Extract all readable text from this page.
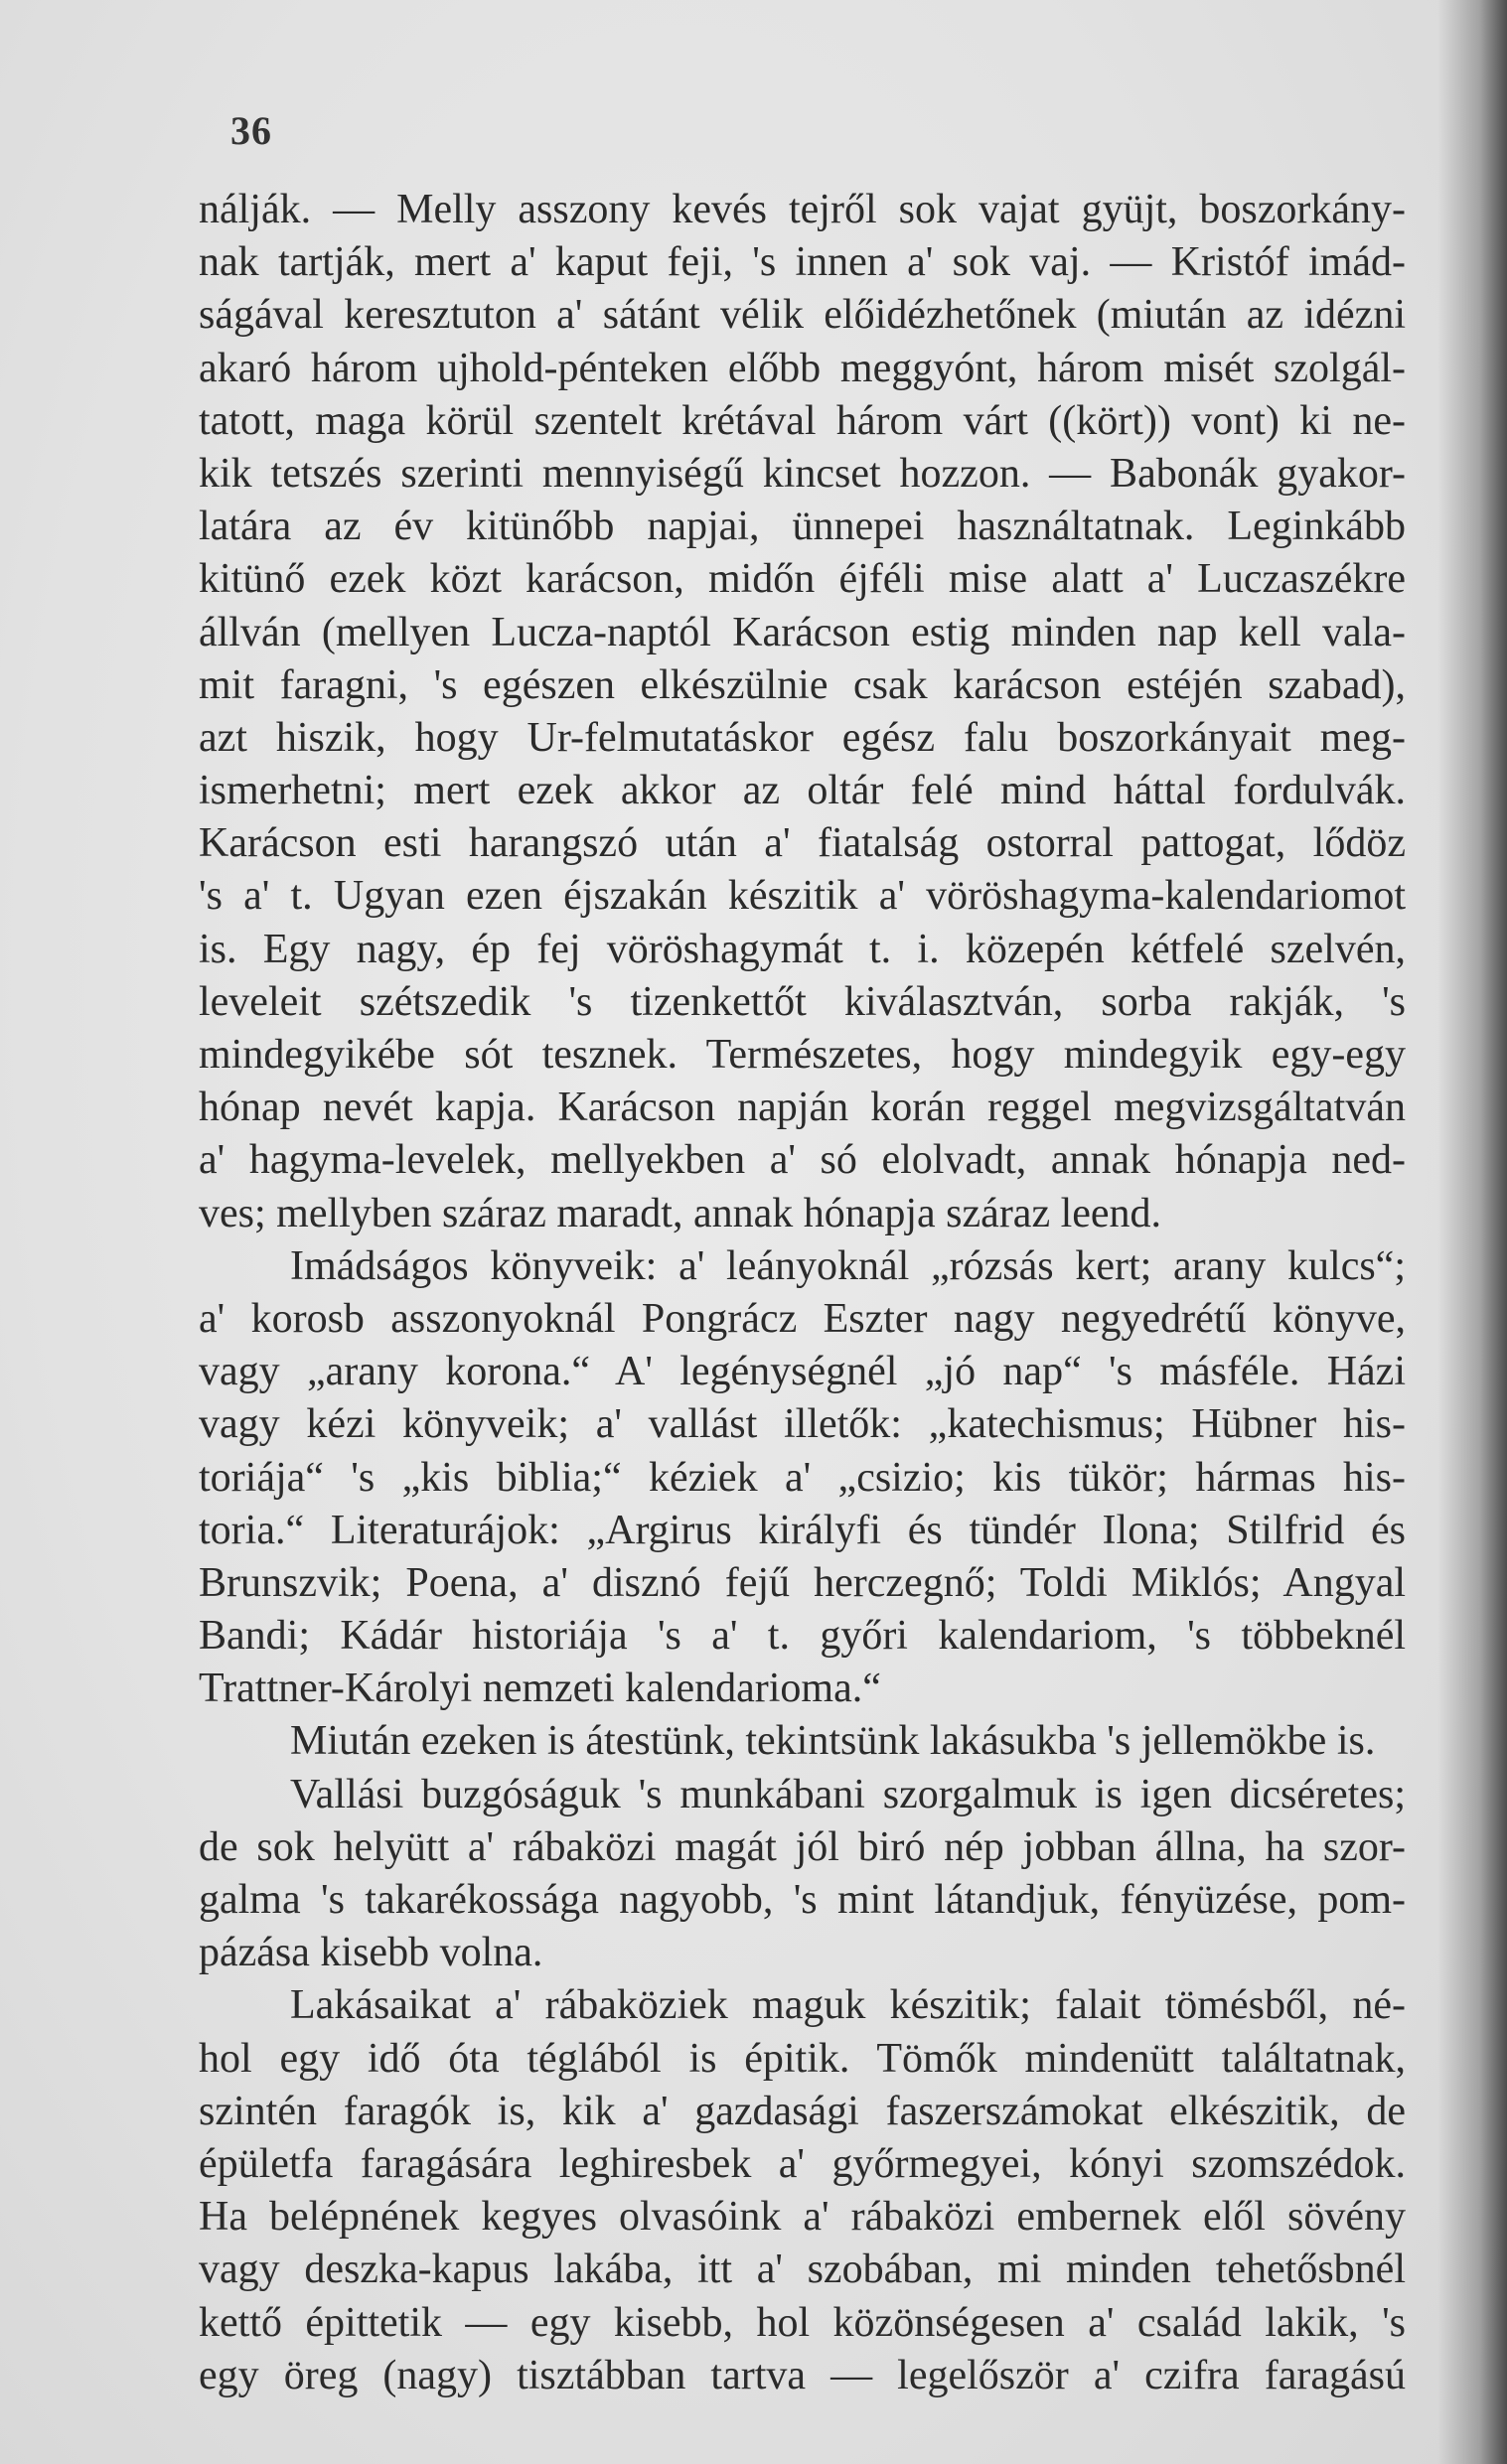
36
nálják. — Melly asszony kevés tejről sok vajat gyüjt, boszorkány-
nak tartják, mert a' kaput feji, 's innen a' sok vaj. — Kristóf imád-
ságával keresztuton a' sátánt vélik előidézhetőnek (miután az idézni
akaró három ujhold-pénteken előbb meggyónt, három misét szolgál-
tatott, maga körül szentelt krétával három várt ((kört)) vont) ki ne-
kik tetszés szerinti mennyiségű kincset hozzon. — Babonák gyakor-
latára az év kitünőbb napjai, ünnepei használtatnak. Leginkább
kitünő ezek közt karácson, midőn éjféli mise alatt a' Luczaszékre
állván (mellyen Lucza-naptól Karácson estig minden nap kell vala-
mit faragni, 's egészen elkészülnie csak karácson estéjén szabad),
azt hiszik, hogy Ur-felmutatáskor egész falu boszorkányait meg-
ismerhetni; mert ezek akkor az oltár felé mind háttal fordulvák.
Karácson esti harangszó után a' fiatalság ostorral pattogat, lődöz
's a' t. Ugyan ezen éjszakán készitik a' vöröshagyma-kalendariomot
is. Egy nagy, ép fej vöröshagymát t. i. közepén kétfelé szelvén,
leveleit szétszedik 's tizenkettőt kiválasztván, sorba rakják, 's
mindegyikébe sót tesznek. Természetes, hogy mindegyik egy-egy
hónap nevét kapja. Karácson napján korán reggel megvizsgáltatván
a' hagyma-levelek, mellyekben a' só elolvadt, annak hónapja ned-
ves; mellyben száraz maradt, annak hónapja száraz leend.
Imádságos könyveik: a' leányoknál „rózsás kert; arany kulcs“;
a' korosb asszonyoknál Pongrácz Eszter nagy negyedrétű könyve,
vagy „arany korona.“ A' legénységnél „jó nap“ 's másféle. Házi
vagy kézi könyveik; a' vallást illetők: „katechismus; Hübner his-
toriája“ 's „kis biblia;“ kéziek a' „csizio; kis tükör; hármas his-
toria.“ Literaturájok: „Argirus királyfi és tündér Ilona; Stilfrid és
Brunszvik; Poena, a' disznó fejű herczegnő; Toldi Miklós; Angyal
Bandi; Kádár historiája 's a' t. győri kalendariom, 's többeknél
Trattner-Károlyi nemzeti kalendarioma.“
Miután ezeken is átestünk, tekintsünk lakásukba 's jellemökbe is.
Vallási buzgóságuk 's munkábani szorgalmuk is igen dicséretes;
de sok helyütt a' rábaközi magát jól biró nép jobban állna, ha szor-
galma 's takarékossága nagyobb, 's mint látandjuk, fényüzése, pom-
pázása kisebb volna.
Lakásaikat a' rábaköziek maguk készitik; falait tömésből, né-
hol egy idő óta téglából is épitik. Tömők mindenütt találtatnak,
szintén faragók is, kik a' gazdasági faszerszámokat elkészitik, de
épületfa faragására leghiresbek a' győrmegyei, kónyi szomszédok.
Ha belépnének kegyes olvasóink a' rábaközi embernek elől sövény
vagy deszka-kapus lakába, itt a' szobában, mi minden tehetősbnél
kettő épittetik — egy kisebb, hol közönségesen a' család lakik, 's
egy öreg (nagy) tisztábban tartva — legelőször a' czifra faragású
